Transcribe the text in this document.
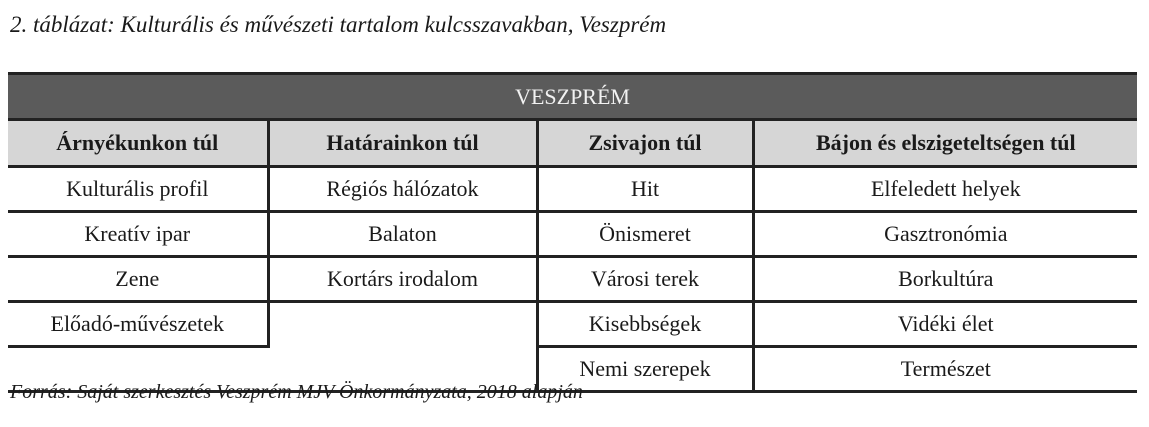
2. táblázat: Kulturális és művészeti tartalom kulcsszavakban, Veszprém
VESZPRÉM			
Árnyékunkon túl	Határainkon túl	Zsivajon túl	Bájon és elszigeteltségen túl
Kulturális profil	Régiós hálózatok	Hit	Elfeledett helyek
Kreatív ipar	Balaton	Önismeret	Gasztronómia
Zene	Kortárs irodalom	Városi terek	Borkultúra
Előadó-művészetek		Kisebbségek	Vidéki élet
		Nemi szerepek	Természet
Forrás: Saját szerkesztés Veszprém MJV Önkormányzata, 2018 alapján
